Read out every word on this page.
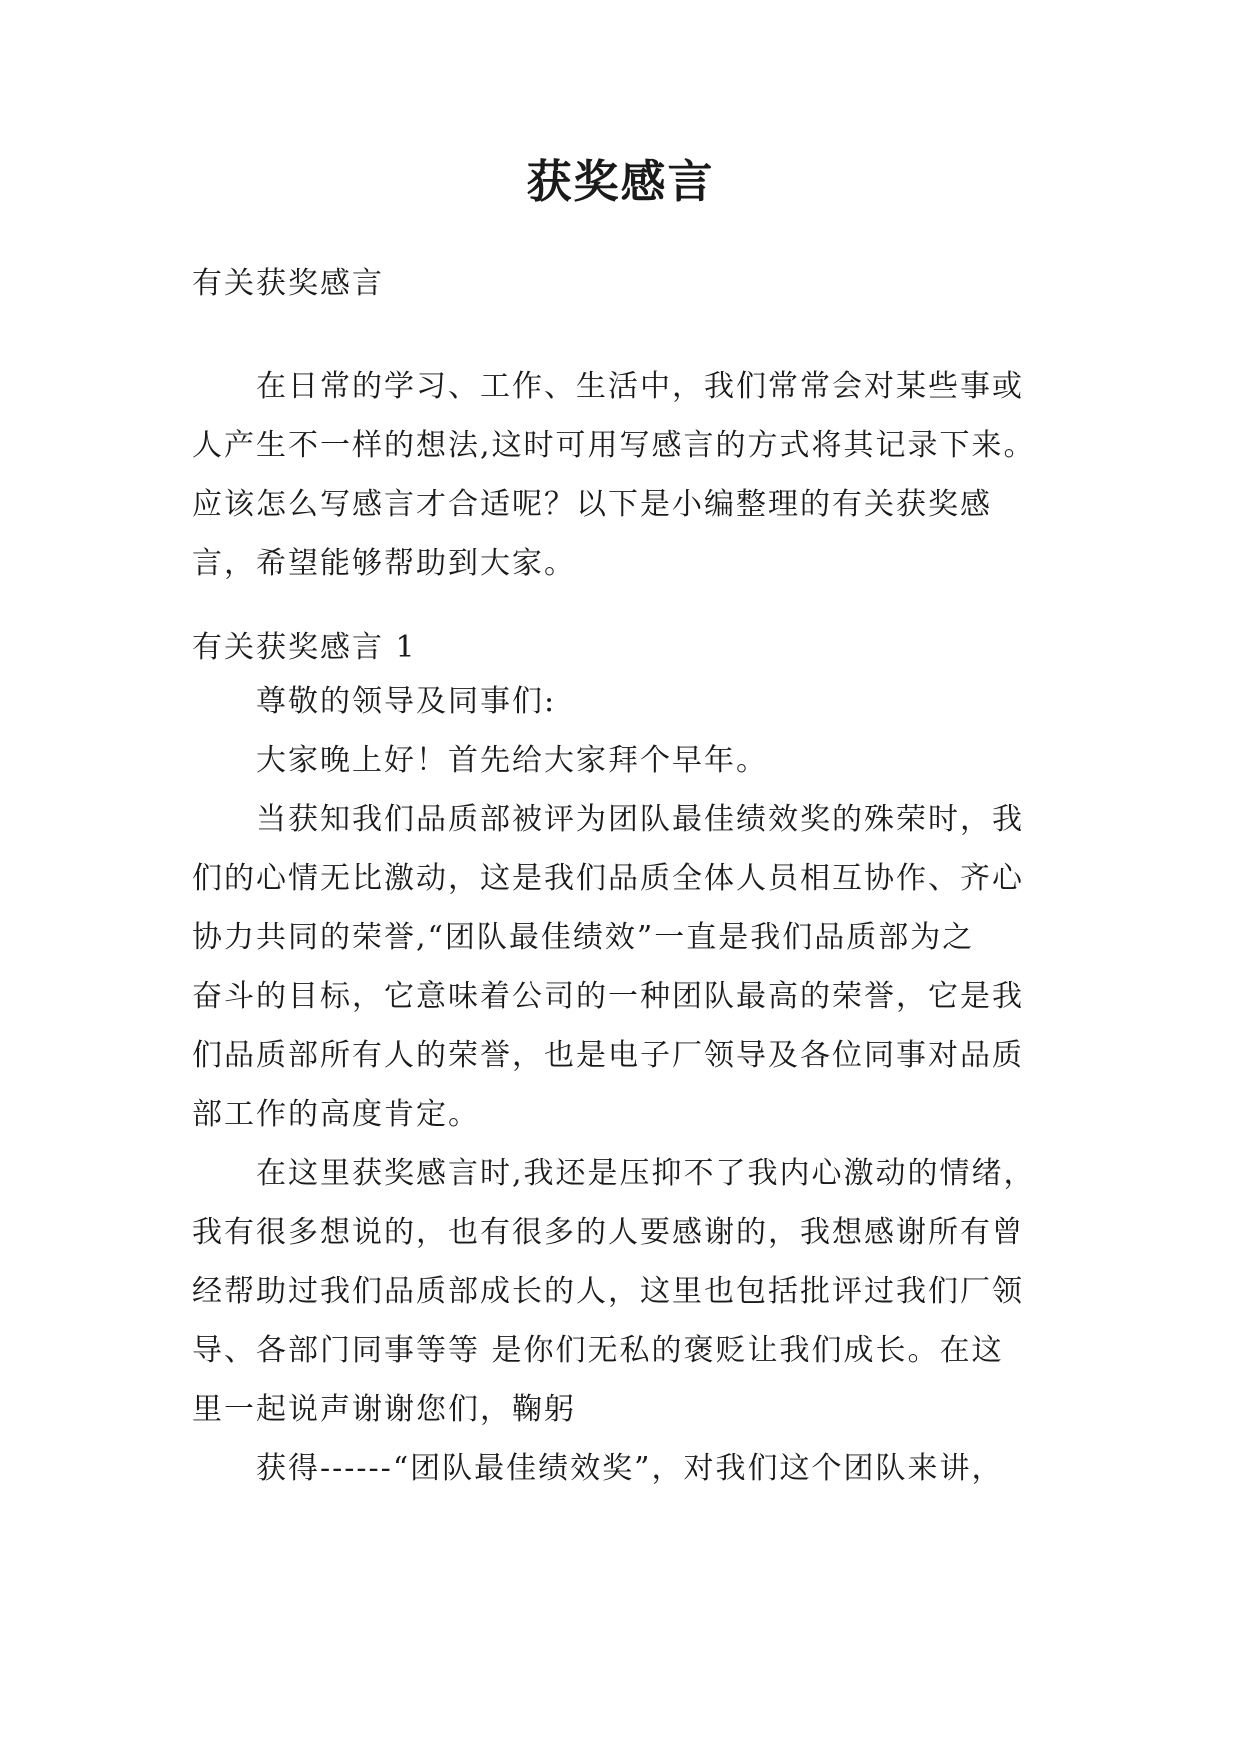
获奖感言
有关获奖感言
　　在日常的学习、工作、生活中，我们常常会对某些事或
人产生不一样的想法,这时可用写感言的方式将其记录下来。
应该怎么写感言才合适呢？以下是小编整理的有关获奖感
言，希望能够帮助到大家。
有关获奖感言 1
　　尊敬的领导及同事们:
　　大家晚上好！首先给大家拜个早年。
　　当获知我们品质部被评为团队最佳绩效奖的殊荣时，我
们的心情无比激动，这是我们品质全体人员相互协作、齐心
协力共同的荣誉,“团队最佳绩效”一直是我们品质部为之
奋斗的目标，它意味着公司的一种团队最高的荣誉，它是我
们品质部所有人的荣誉，也是电子厂领导及各位同事对品质
部工作的高度肯定。
　　在这里获奖感言时,我还是压抑不了我内心激动的情绪，
我有很多想说的，也有很多的人要感谢的，我想感谢所有曾
经帮助过我们品质部成长的人，这里也包括批评过我们厂领
导、各部门同事等等 是你们无私的褒贬让我们成长。在这
里一起说声谢谢您们，鞠躬
　　获得------“团队最佳绩效奖”，对我们这个团队来讲，
